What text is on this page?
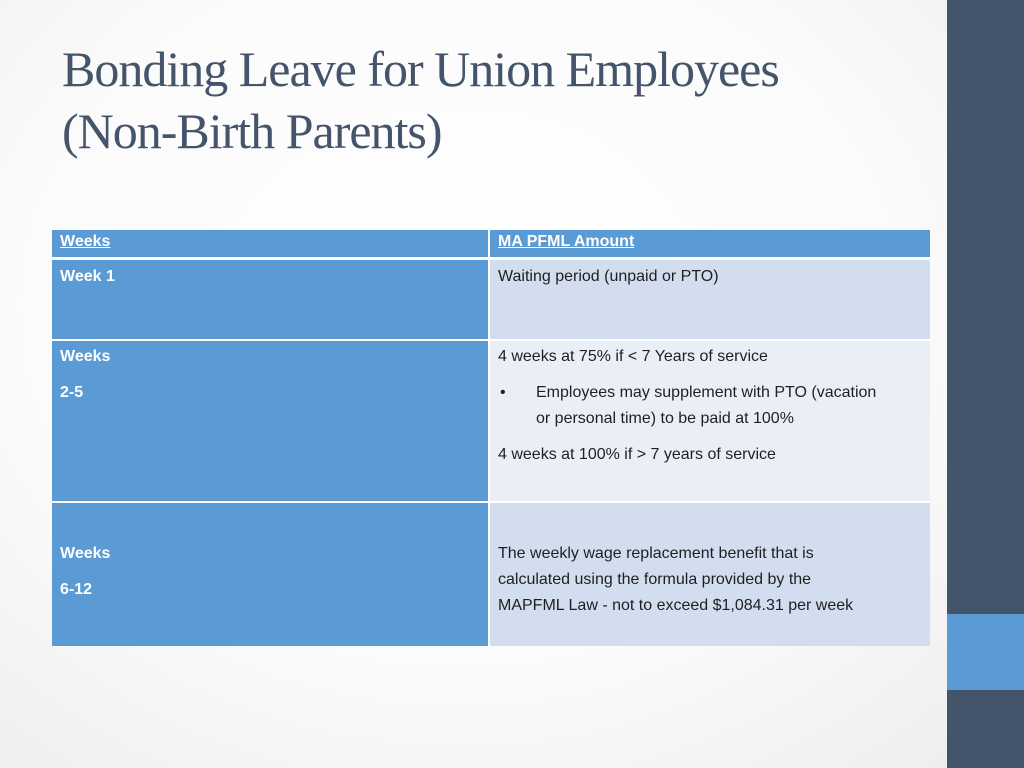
Bonding Leave for Union Employees
(Non-Birth Parents)
Weeks	MA PFML Amount

Week 1	Waiting period (unpaid or PTO)

Weeks

2-5

4 weeks at 75% if < 7 Years of service

• Employees may supplement with PTO (vacation
or personal time) to be paid at 100%

4 weeks at 100% if > 7 years of service

Weeks

6-12

The weekly wage replacement benefit that is

calculated using the formula provided by the

MAPFML Law - not to exceed $1,084.31 per week
